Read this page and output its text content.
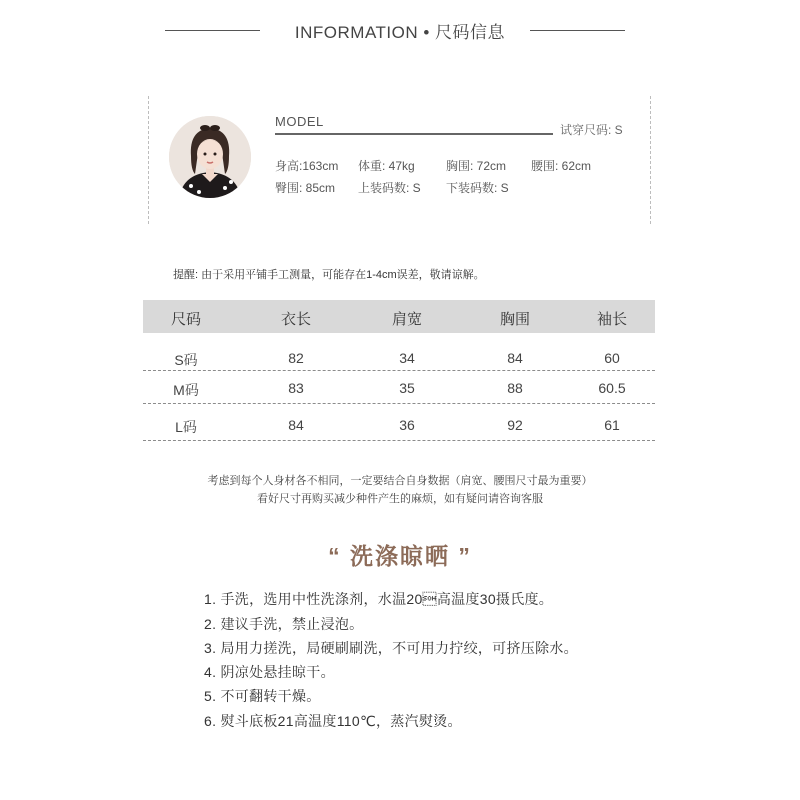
INFORMATION • 尺码信息
MODEL
试穿尺码: S
身高:163cm 体重: 47kg	胸围: 72cm 腰围: 62cm
臀围: 85cm 上装码数: S 下装码数: S
提醒: 由于采用平铺手工测量，可能存在1-4cm误差，敬请谅解。
尺码	衣长	肩宽	胸围	袖长
S码	82	34	84	60
M码	83	35	88	60.5
L码	84	36	92	61
考虑到每个人身材各不相同，一定要结合自身数据（肩宽、腰围尺寸最为重要）
看好尺寸再购买减少种件产生的麻烦，如有疑问请咨询客服
“ 洗涤晾晒 ”
1. 手洗，选用中性洗涤剂，水温20高温度30摄氏度。
2. 建议手洗，禁止浸泡。
3. 局用力搓洗，局硬刷刷洗，不可用力拧绞，可挤压除水。
4. 阴凉处悬挂晾干。
5. 不可翻转干燥。
6. 熨斗底板21高温度110℃，蒸汽熨烫。
